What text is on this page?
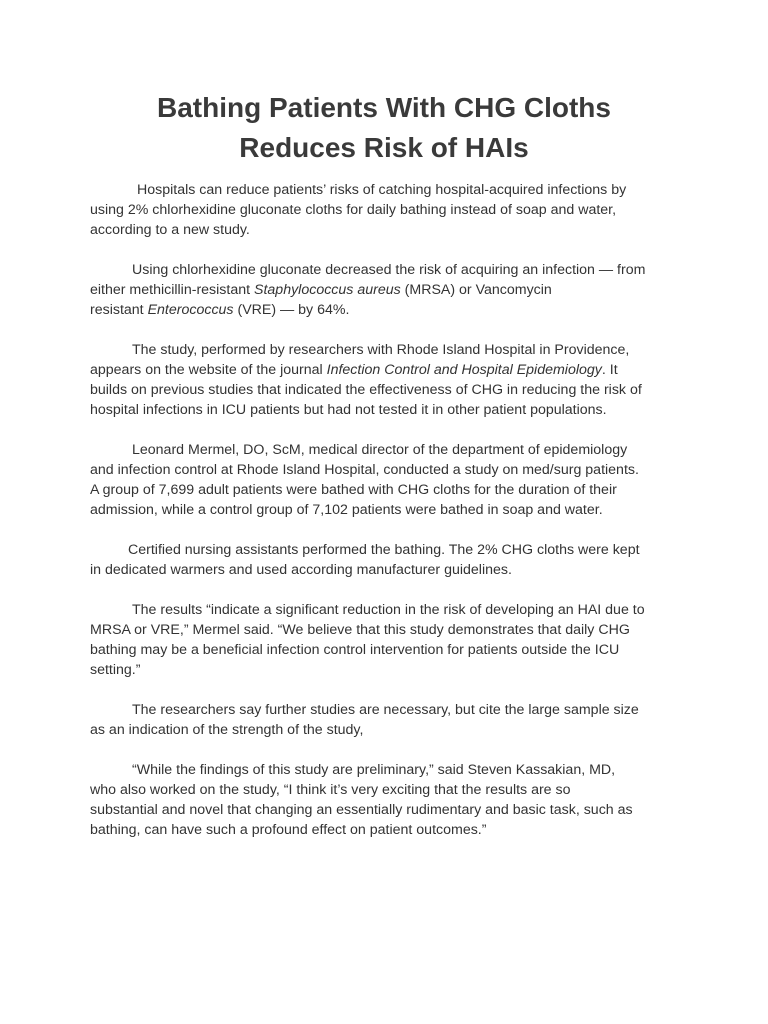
Bathing Patients With CHG Cloths
Reduces Risk of HAIs

Hospitals can reduce patients’ risks of catching hospital-acquired infections by
using 2% chlorhexidine gluconate cloths for daily bathing instead of soap and water,
according to a new study.

Using chlorhexidine gluconate decreased the risk of acquiring an infection — from
either methicillin-resistant Staphylococcus aureus (MRSA) or Vancomycin
resistant Enterococcus (VRE) — by 64%.

The study, performed by researchers with Rhode Island Hospital in Providence,
appears on the website of the journal Infection Control and Hospital Epidemiology. It
builds on previous studies that indicated the effectiveness of CHG in reducing the risk of
hospital infections in ICU patients but had not tested it in other patient populations.

Leonard Mermel, DO, ScM, medical director of the department of epidemiology
and infection control at Rhode Island Hospital, conducted a study on med/surg patients.
A group of 7,699 adult patients were bathed with CHG cloths for the duration of their
admission, while a control group of 7,102 patients were bathed in soap and water.

Certified nursing assistants performed the bathing. The 2% CHG cloths were kept
in dedicated warmers and used according manufacturer guidelines.

The results “indicate a significant reduction in the risk of developing an HAI due to
MRSA or VRE,” Mermel said. “We believe that this study demonstrates that daily CHG
bathing may be a beneficial infection control intervention for patients outside the ICU
setting.”

The researchers say further studies are necessary, but cite the large sample size
as an indication of the strength of the study,

“While the findings of this study are preliminary,” said Steven Kassakian, MD,
who also worked on the study, “I think it’s very exciting that the results are so
substantial and novel that changing an essentially rudimentary and basic task, such as
bathing, can have such a profound effect on patient outcomes.”
